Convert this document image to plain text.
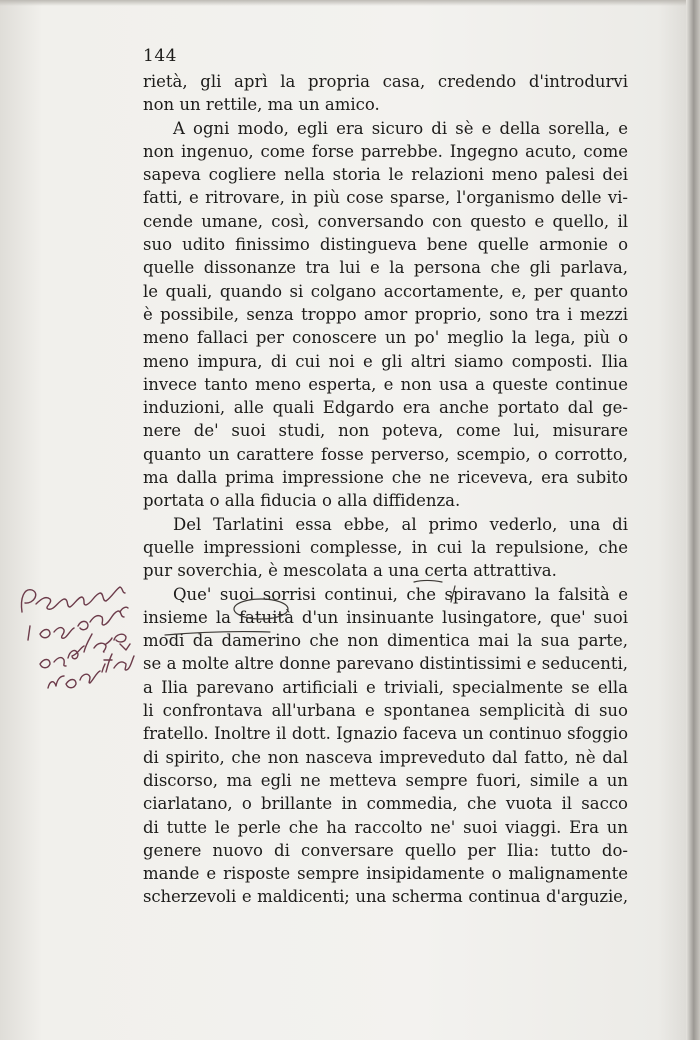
144
rietà, gli aprì la propria casa, credendo d'introdurvi
non un rettile, ma un amico.
A ogni modo, egli era sicuro di sè e della sorella, e
non ingenuo, come forse parrebbe. Ingegno acuto, come
sapeva cogliere nella storia le relazioni meno palesi dei
fatti, e ritrovare, in più cose sparse, l'organismo delle vi-
cende umane, così, conversando con questo e quello, il
suo udito finissimo distingueva bene quelle armonie o
quelle dissonanze tra lui e la persona che gli parlava,
le quali, quando si colgano accortamente, e, per quanto
è possibile, senza troppo amor proprio, sono tra i mezzi
meno fallaci per conoscere un po' meglio la lega, più o
meno impura, di cui noi e gli altri siamo composti. Ilia
invece tanto meno esperta, e non usa a queste continue
induzioni, alle quali Edgardo era anche portato dal ge-
nere de' suoi studi, non poteva, come lui, misurare
quanto un carattere fosse perverso, scempio, o corrotto,
ma dalla prima impressione che ne riceveva, era subito
portata o alla fiducia o alla diffidenza.
Del Tarlatini essa ebbe, al primo vederlo, una di
quelle impressioni complesse, in cui la repulsione, che
pur soverchia, è mescolata a una certa attrattiva.
Que' suoi sorrisi continui, che spiravano la falsità e
insieme la fatuità d'un insinuante lusingatore, que' suoi
modi da damerino che non dimentica mai la sua parte,
se a molte altre donne parevano distintissimi e seducenti,
a Ilia parevano artificiali e triviali, specialmente se ella
li confrontava all'urbana e spontanea semplicità di suo
fratello. Inoltre il dott. Ignazio faceva un continuo sfoggio
di spirito, che non nasceva impreveduto dal fatto, nè dal
discorso, ma egli ne metteva sempre fuori, simile a un
ciarlatano, o brillante in commedia, che vuota il sacco
di tutte le perle che ha raccolto ne' suoi viaggi. Era un
genere nuovo di conversare quello per Ilia: tutto do-
mande e risposte sempre insipidamente o malignamente
scherzevoli e maldicenti; una scherma continua d'arguzie,
